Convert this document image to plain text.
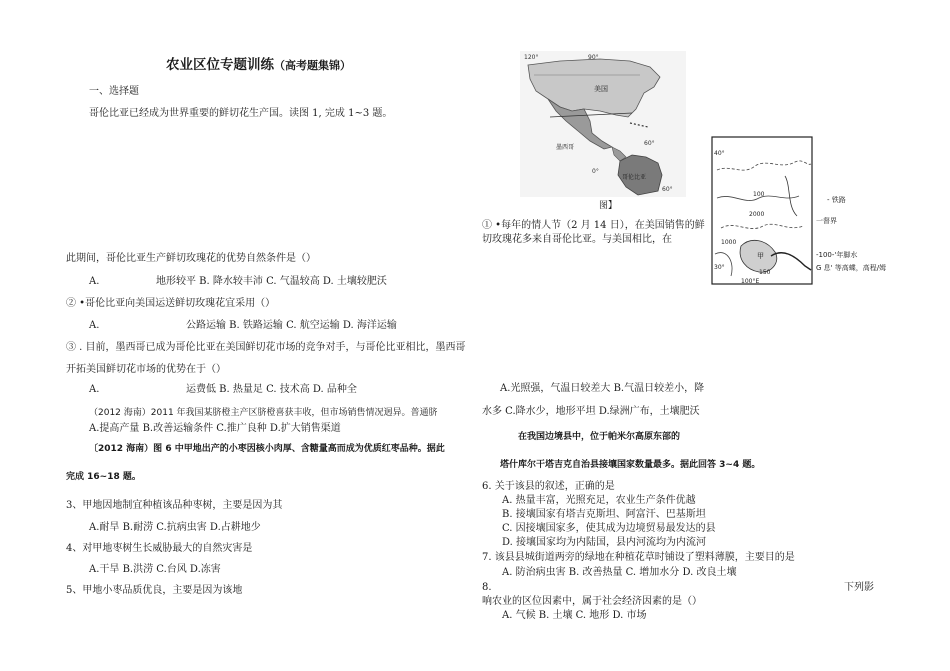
农业区位专题训练（高考题集锦）
一、选择题
哥伦比亚已经成为世界重要的鲜切花生产国。读图 1, 完成 1~3 题。
此期间，哥伦比亚生产鲜切玫瑰花的优势自然条件是（）
A.	地形较平 B. 降水较丰沛 C. 气温较高 D. 土壤较肥沃
② •哥伦比亚向美国运送鲜切玫瑰花宜采用（）
A.	公路运输 B. 铁路运输 C. 航空运输 D. 海洋运输
③ . 目前，墨西哥已成为哥伦比亚在美国鲜切花市场的竞争对手，与哥伦比亚相比，墨西哥
开拓美国鲜切花市场的优势在于（）
A.	运费低 B. 热量足 C. 技术高 D. 品种全
（2012 海南）2011 年我国某脐橙主产区脐橙喜获丰收，但市场销售情况迥异。普通脐
A.提高产量 B.改善运输条件 C.推广良种 D.扩大销售渠道
〔2012 海南）图 6 中甲地出产的小枣因核小肉厚、含糖量高而成为优质红枣品种。据此
完成 16~18 题。
3、甲地因地制宜种植该品种枣树，主要是因为其
A.耐旱 B.耐涝 C.抗病虫害 D.占耕地少
4、对甲地枣树生长威胁最大的自然灾害是
A.干旱 B.洪涝 C.台风 D.冻害
5、甲地小枣品质优良，主要是因为该地
120°	90°
60°
美国
墨西哥
哥伦比亚
0°
60°
图】
40°
30°
100
2000
1000
150
100°E
甲
- 铁路
一督界
-100-'年脚水
G 息' 等高蝶，高程/姆
① •每年的情人节（2 月 14 日），在美国销售的鲜
切玫瑰花多来自哥伦比亚。与美国相比，在
A.光照强，气温日较差大 B.气温日较差小，降
水多 C.降水少，地形平坦 D.绿洲广布，土壤肥沃
在我国边境县中，位于帕米尔高原东部的
塔什库尔干塔吉克自治县接壤国家数量最多。据此回答 3~4 题。
6. 关于该县的叙述，正确的是
A. 热量丰富，光照充足，农业生产条件优越
B. 接壤国家有塔吉克斯坦、阿富汗、巴基斯坦
C. 因接壤国家多，使其成为边境贸易最发达的县
D. 接壤国家均为内陆国，县内河流均为内流河
7. 该县县城街道两旁的绿地在种植花草时铺设了塑料薄膜，主要目的是
A. 防治病虫害 B. 改善热量 C. 增加水分 D. 改良土壤
8.	下列影
响农业的区位因素中，属于社会经济因素的是（）
A. 气候 B. 土壤 C. 地形 D. 市场
